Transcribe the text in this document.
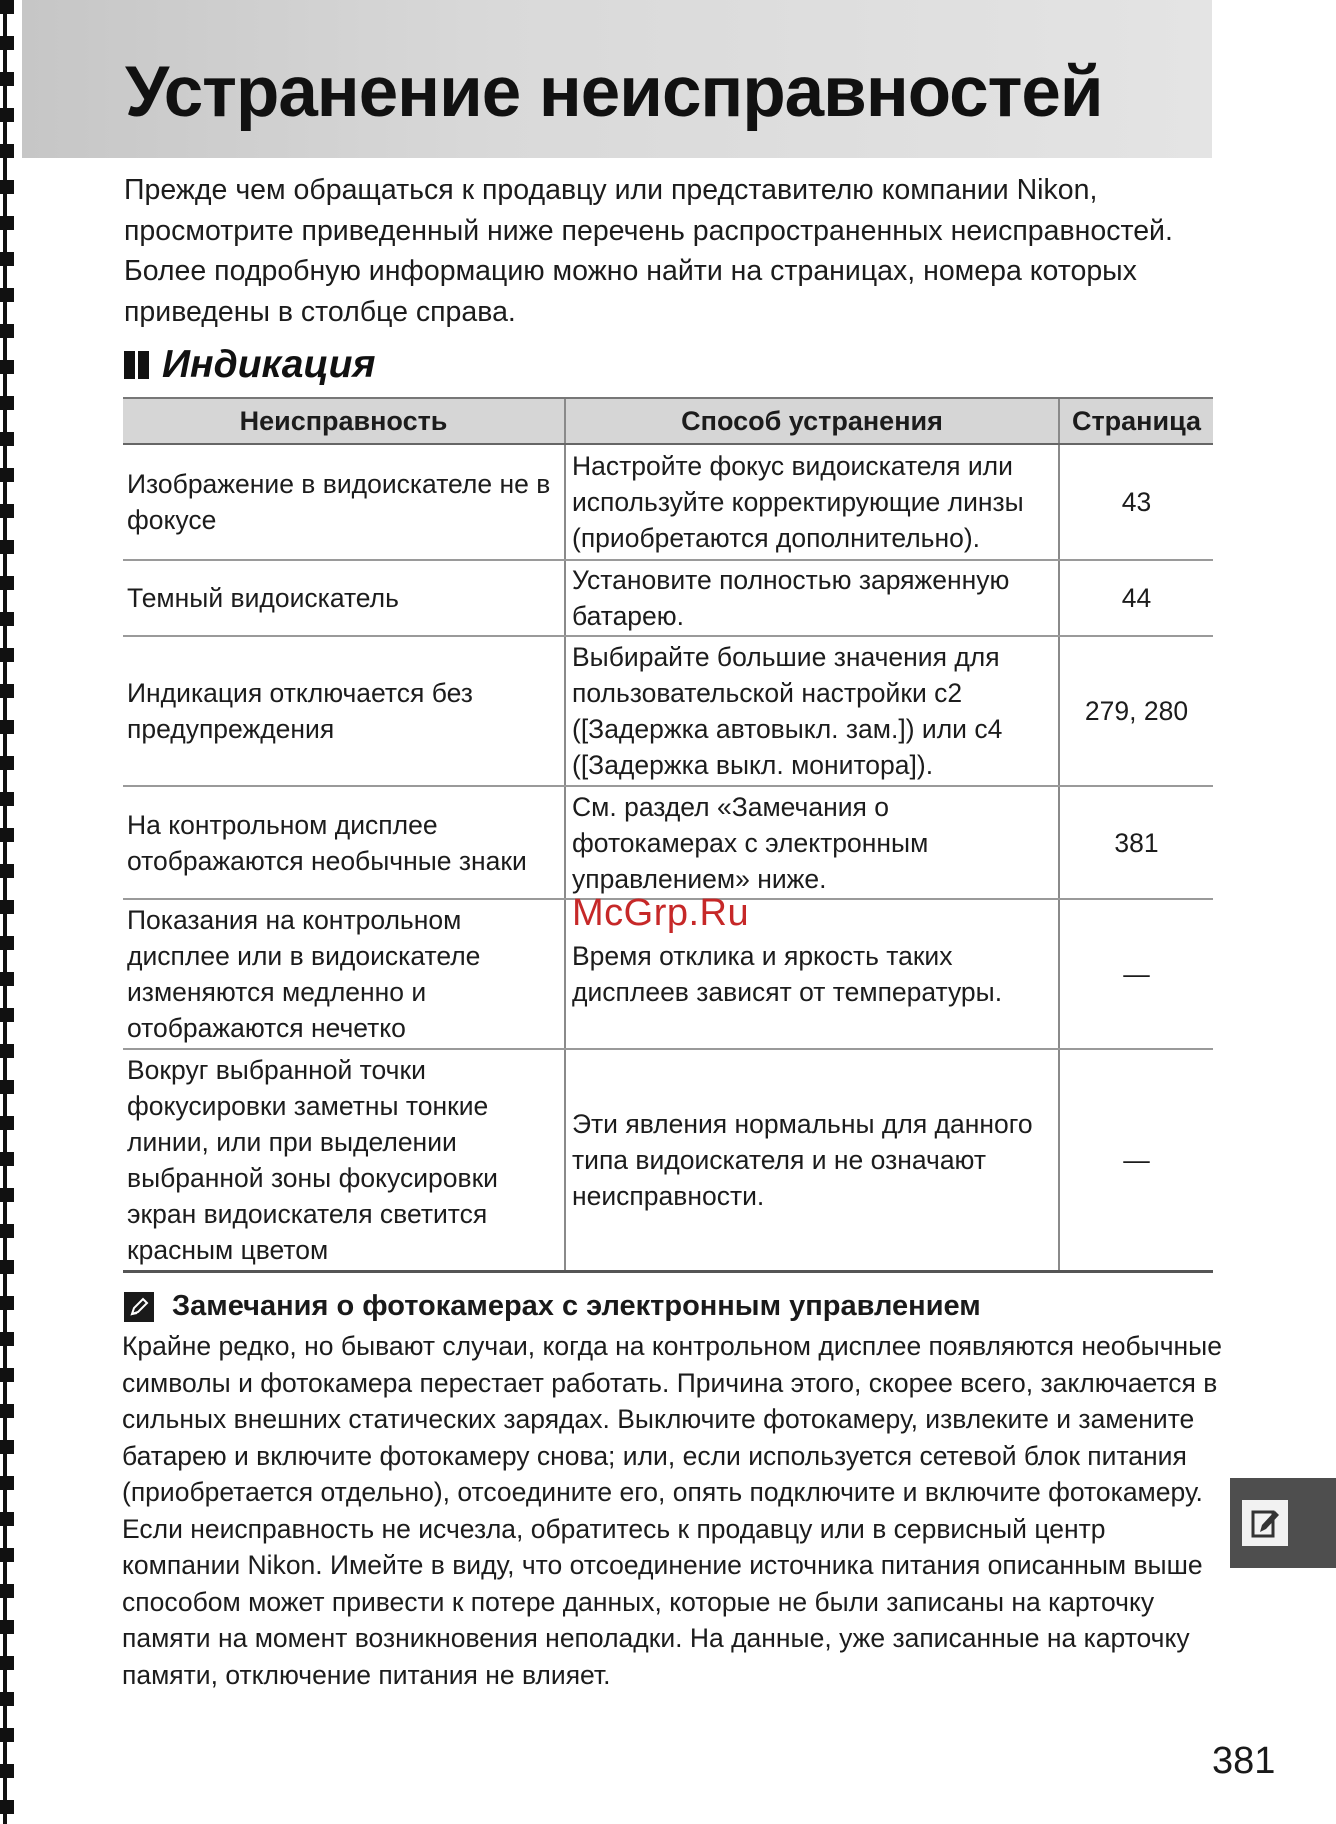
Устранение неисправностей

Прежде чем обращаться к продавцу или представителю компании Nikon, просмотрите приведенный ниже перечень распространенных неисправностей. Более подробную информацию можно найти на страницах, номера которых приведены в столбце справа.

Индикация
Неисправность	Способ устранения	Страница
Изображение в видоискателе не в фокусе	Настройте фокус видоискателя или используйте корректирующие линзы (приобретаются дополнительно).	43
Темный видоискатель	Установите полностью заряженную батарею.	44
Индикация отключается без предупреждения	Выбирайте большие значения для пользовательской настройки c2 ([Задержка автовыкл. зам.]) или c4 ([Задержка выкл. монитора]).	279, 280
На контрольном дисплее отображаются необычные знаки	См. раздел «Замечания о фотокамерах с электронным управлением» ниже.	381
Показания на контрольном дисплее или в видоискателе изменяются медленно и отображаются нечетко	Время отклика и яркость таких дисплеев зависят от температуры.	—
Вокруг выбранной точки фокусировки заметны тонкие линии, или при выделении выбранной зоны фокусировки экран видоискателя светится красным цветом	Эти явления нормальны для данного типа видоискателя и не означают неисправности.	—

McGrp.Ru

Замечания о фотокамерах с электронным управлением

Крайне редко, но бывают случаи, когда на контрольном дисплее появляются необычные символы и фотокамера перестает работать. Причина этого, скорее всего, заключается в сильных внешних статических зарядах. Выключите фотокамеру, извлеките и замените батарею и включите фотокамеру снова; или, если используется сетевой блок питания (приобретается отдельно), отсоедините его, опять подключите и включите фотокамеру. Если неисправность не исчезла, обратитесь к продавцу или в сервисный центр компании Nikon. Имейте в виду, что отсоединение источника питания описанным выше способом может привести к потере данных, которые не были записаны на карточку памяти на момент возникновения неполадки. На данные, уже записанные на карточку памяти, отключение питания не влияет.

381
